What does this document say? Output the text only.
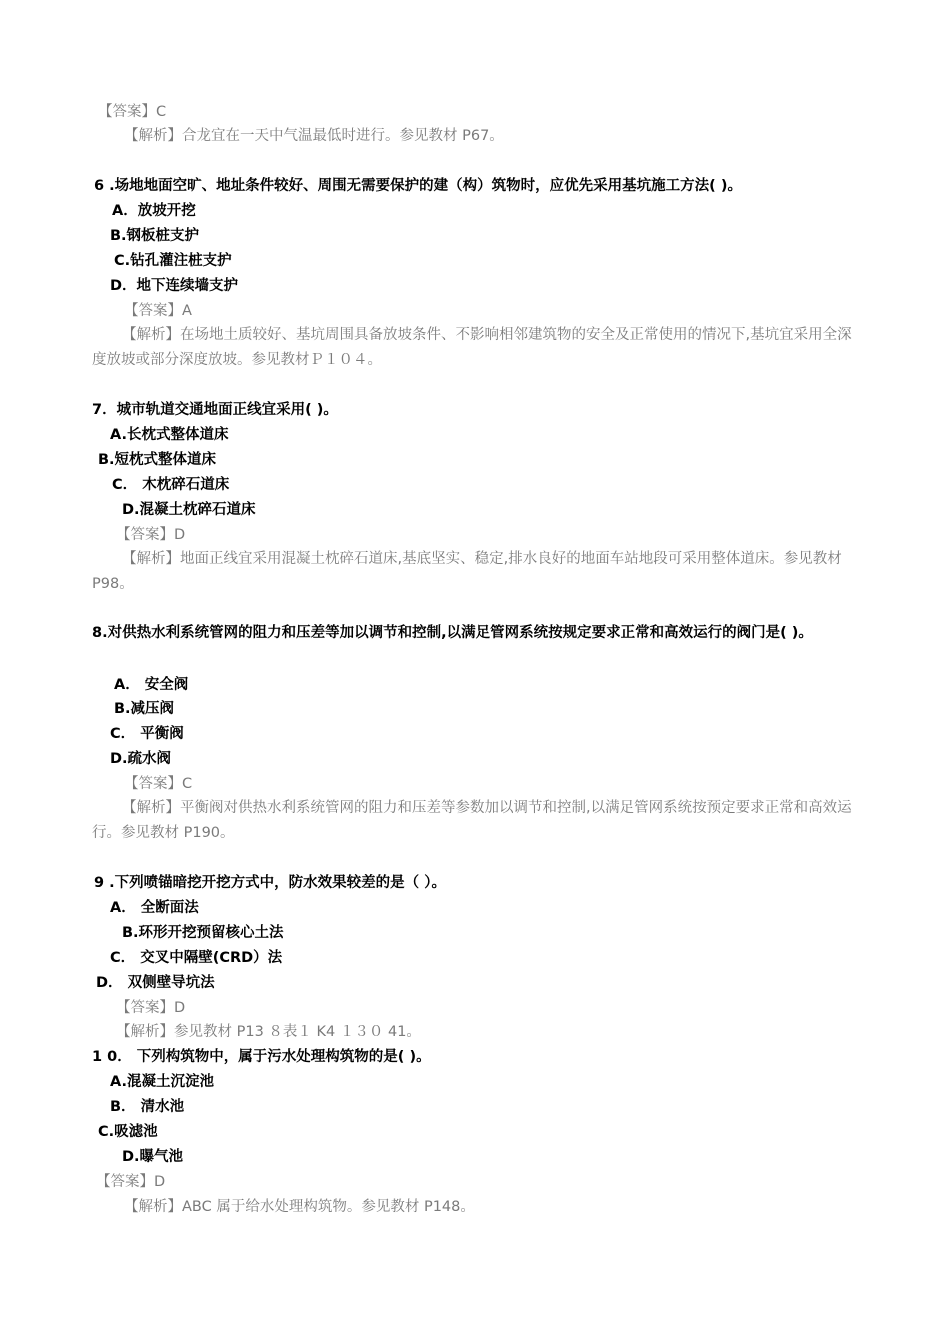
【答案】C
【解析】合龙宜在一天中气温最低时进行。参见教材 P67。
6 .场地地面空旷、地址条件较好、周围无需要保护的建（构）筑物时，应优先采用基坑施工方法( )。
A．放坡开挖
B.钢板桩支护
C.钻孔灌注桩支护
D．地下连续墙支护
【答案】A
【解析】在场地土质较好、基坑周围具备放坡条件、不影响相邻建筑物的安全及正常使用的情况下,基坑宜采用全深度放坡或部分深度放坡。参见教材Ｐ１０４。
7．城市轨道交通地面正线宜采用( )。
A.长枕式整体道床
B.短枕式整体道床
C． 木枕碎石道床
D.混凝土枕碎石道床
【答案】D
【解析】地面正线宜采用混凝土枕碎石道床,基底坚实、稳定,排水良好的地面车站地段可采用整体道床。参见教材 P98。
8.对供热水利系统管网的阻力和压差等加以调节和控制,以满足管网系统按规定要求正常和高效运行的阀门是( )。
A． 安全阀
B.减压阀
C． 平衡阀
D.疏水阀
【答案】C
【解析】平衡阀对供热水利系统管网的阻力和压差等参数加以调节和控制,以满足管网系统按预定要求正常和高效运行。参见教材 P190。
9 .下列喷锚暗挖开挖方式中，防水效果较差的是（ ）。
A． 全断面法
B.环形开挖预留核心土法
C． 交叉中隔壁(CRD）法
D． 双侧壁导坑法
【答案】D
【解析】参见教材 P13 ８表１ K4 １３０ 41。
1 0． 下列构筑物中，属于污水处理构筑物的是( )。
A.混凝土沉淀池
B． 清水池
C.吸滤池
D.曝气池
【答案】D
【解析】ABC 属于给水处理构筑物。参见教材 P148。
